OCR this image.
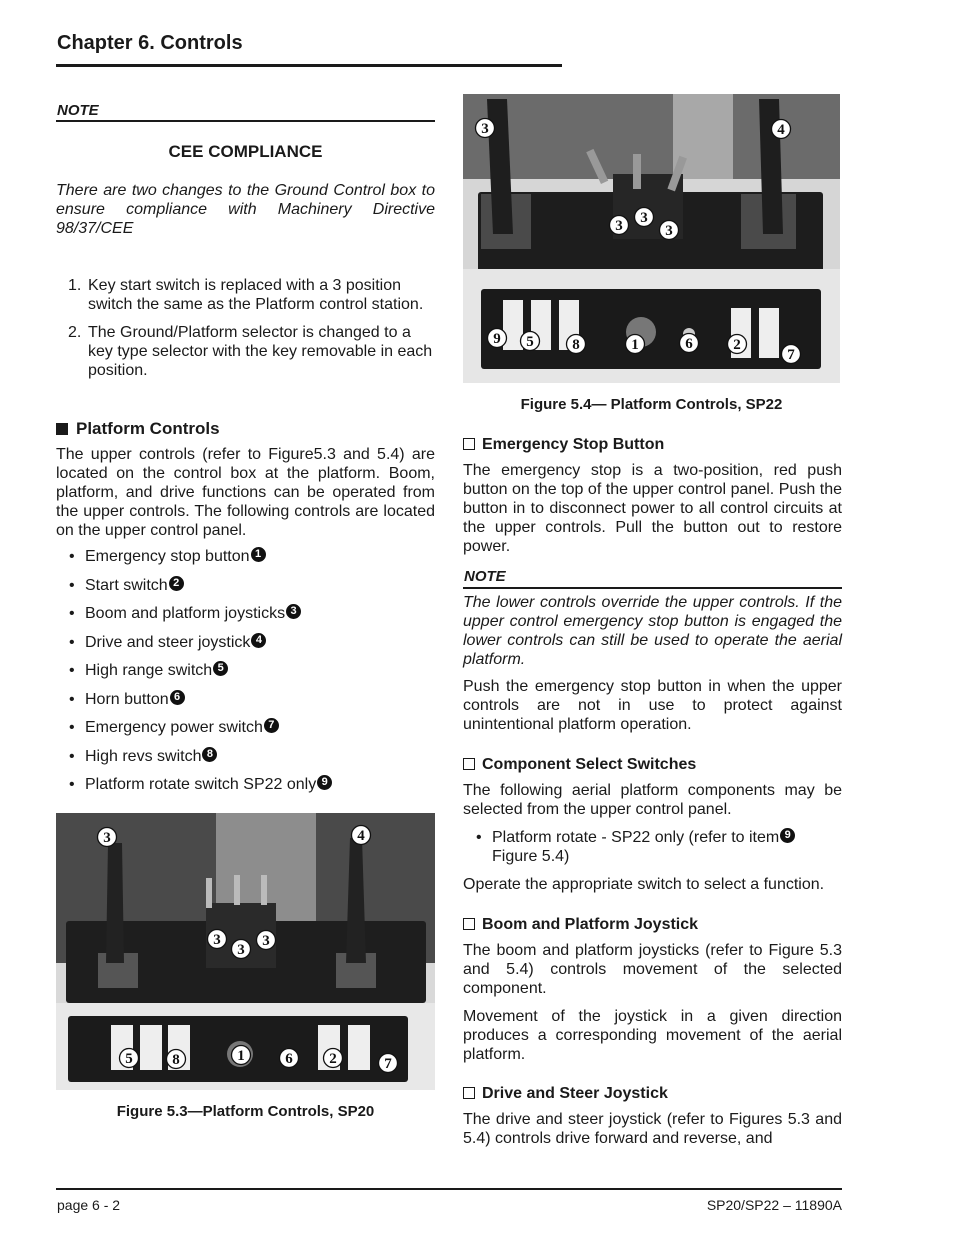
Chapter 6. Controls
NOTE
CEE COMPLIANCE
There are two changes to the Ground Control box to ensure compliance with Machinery Directive 98/37/CEE
1. Key start switch is replaced with a 3 position switch the same as the Platform control station.
2. The Ground/Platform selector is changed to a key type selector with the key removable in each position.
Platform Controls
The upper controls (refer to Figure5.3 and 5.4) are located on the control box at the platform. Boom, platform, and drive functions can be operated from the upper controls. The following controls are located on the upper control panel.
• Emergency stop button 1
• Start switch 2
• Boom and platform joysticks 3
• Drive and steer joystick 4
• High range switch 5
• Horn button 6
• Emergency power switch 7
• High revs switch 8
• Platform rotate switch SP22 only 9
3	4
3
3
3
5	8	1	6 2	7
Figure 5.3—Platform Controls, SP20
3	4
3 3
3
9 5	8	1	6	2
7
Figure 5.4— Platform Controls, SP22
Emergency Stop Button
The emergency stop is a two-position, red push button on the top of the upper control panel. Push the button in to disconnect power to all control circuits at the upper controls. Pull the button out to restore power.
NOTE
The lower controls override the upper controls. If the upper control emergency stop button is engaged the lower controls can still be used to operate the aerial platform.
Push the emergency stop button in when the upper controls are not in use to protect against unintentional platform operation.
Component Select Switches
The following aerial platform components may be selected from the upper control panel.
• Platform rotate - SP22 only (refer to item 9
Figure 5.4)
Operate the appropriate switch to select a function.
Boom and Platform Joystick
The boom and platform joysticks (refer to Figure 5.3 and 5.4) controls movement of the selected component.
Movement of the joystick in a given direction produces a corresponding movement of the aerial platform.
Drive and Steer Joystick
The drive and steer joystick (refer to Figures 5.3 and 5.4) controls drive forward and reverse, and
page 6 - 2	SP20/SP22 – 11890A
